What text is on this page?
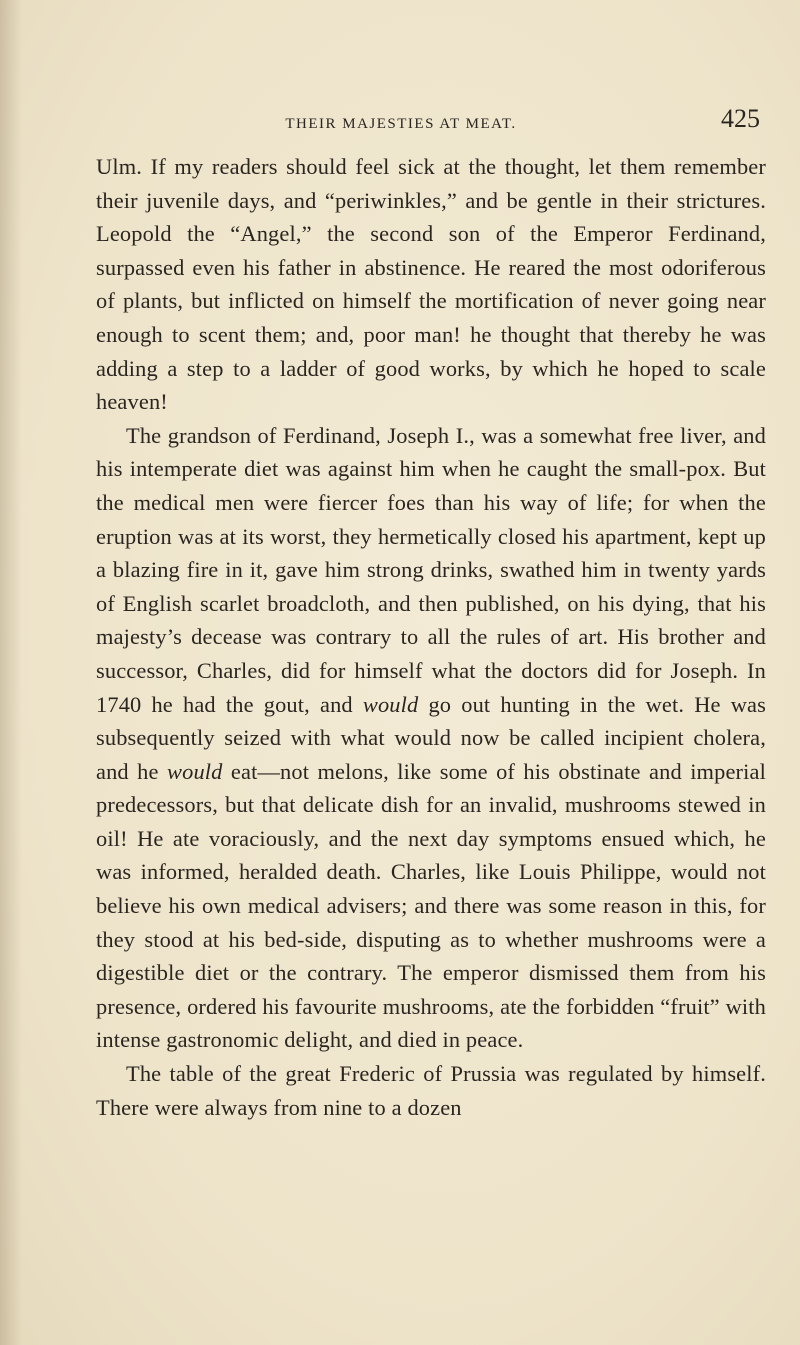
THEIR MAJESTIES AT MEAT.	425

Ulm. If my readers should feel sick at the thought, let them remember their juvenile days, and “periwinkles,” and be gentle in their strictures. Leopold the “Angel,” the second son of the Emperor Ferdinand, surpassed even his father in abstinence. He reared the most odoriferous of plants, but inflicted on himself the mortification of never going near enough to scent them; and, poor man! he thought that thereby he was adding a step to a ladder of good works, by which he hoped to scale heaven!

The grandson of Ferdinand, Joseph I., was a somewhat free liver, and his intemperate diet was against him when he caught the small-pox. But the medical men were fiercer foes than his way of life; for when the eruption was at its worst, they hermetically closed his apartment, kept up a blazing fire in it, gave him strong drinks, swathed him in twenty yards of English scarlet broadcloth, and then published, on his dying, that his majesty’s decease was contrary to all the rules of art. His brother and successor, Charles, did for himself what the doctors did for Joseph. In 1740 he had the gout, and would go out hunting in the wet. He was subsequently seized with what would now be called incipient cholera, and he would eat—not melons, like some of his obstinate and imperial predecessors, but that delicate dish for an invalid, mushrooms stewed in oil! He ate voraciously, and the next day symptoms ensued which, he was informed, heralded death. Charles, like Louis Philippe, would not believe his own medical advisers; and there was some reason in this, for they stood at his bed-side, disputing as to whether mushrooms were a digestible diet or the contrary. The emperor dismissed them from his presence, ordered his favourite mushrooms, ate the forbidden “fruit” with intense gastronomic delight, and died in peace.

The table of the great Frederic of Prussia was regulated by himself. There were always from nine to a dozen
